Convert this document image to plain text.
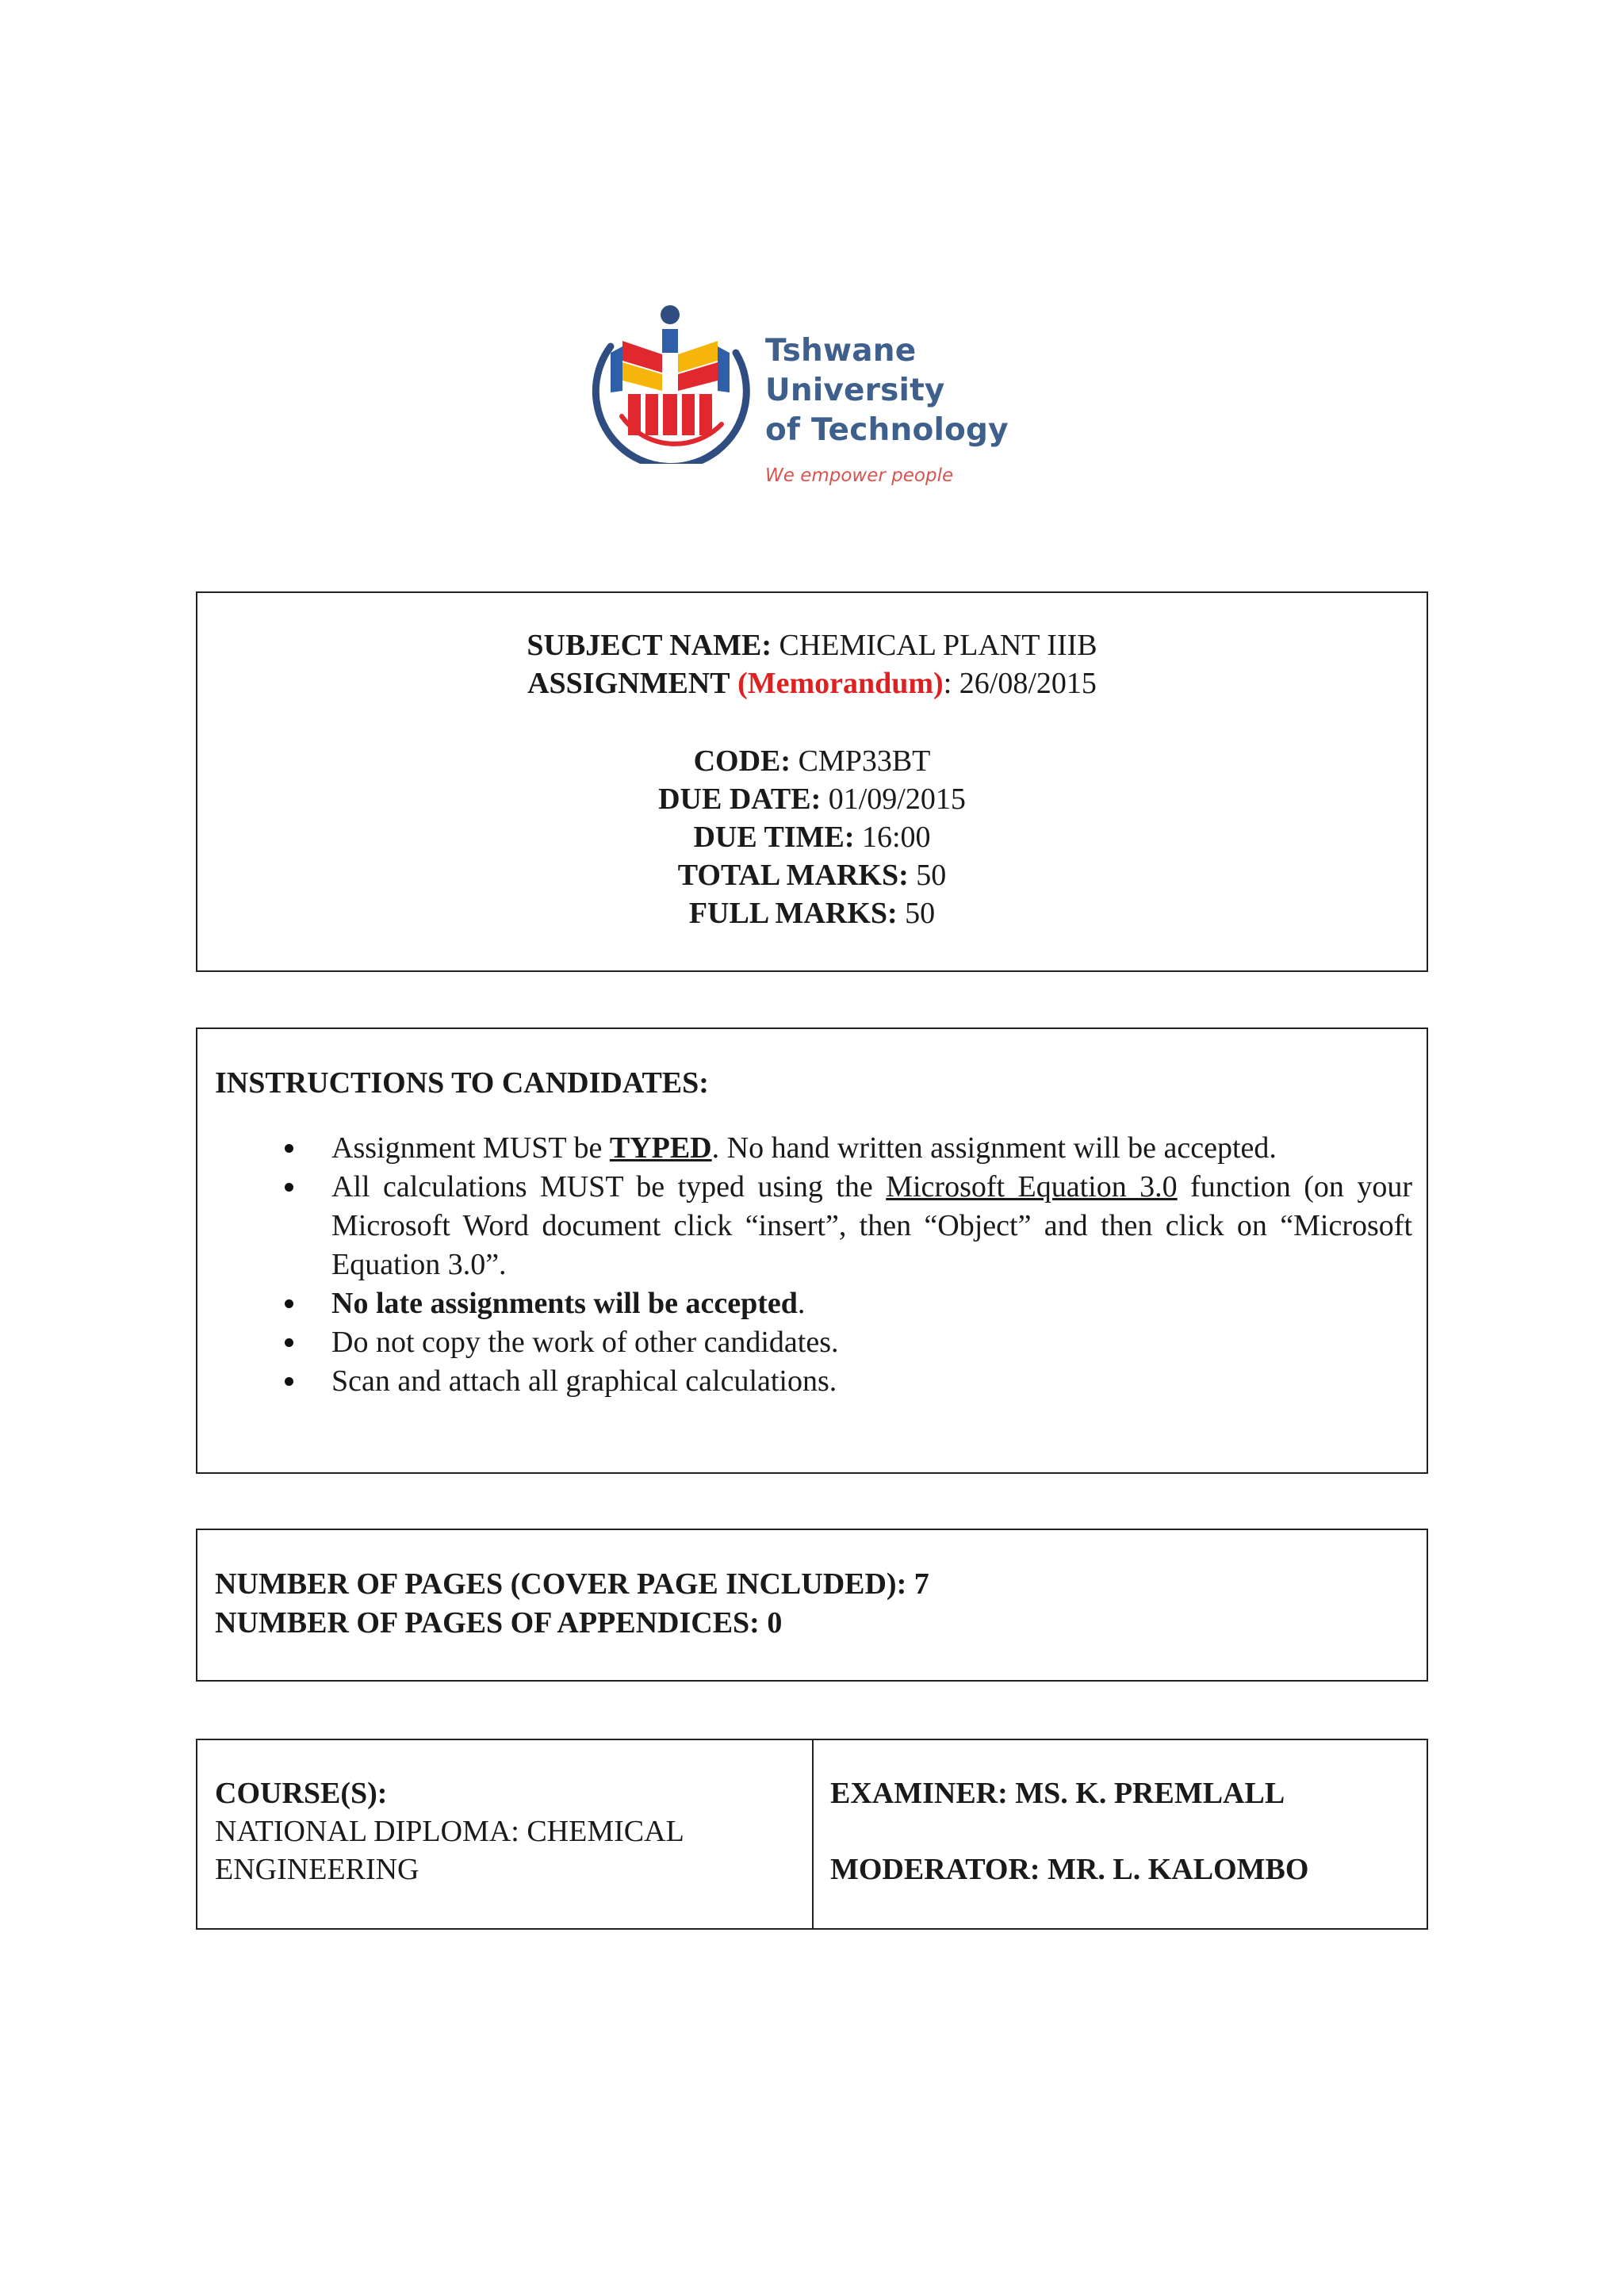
Tshwane University
of Technology
We empower people
SUBJECT NAME: CHEMICAL PLANT IIIB
ASSIGNMENT (Memorandum): 26/08/2015
CODE: CMP33BT
DUE DATE: 01/09/2015
DUE TIME: 16:00
TOTAL MARKS: 50
FULL MARKS: 50
INSTRUCTIONS TO CANDIDATES:
Assignment MUST be TYPED. No hand written assignment will be accepted.
All calculations MUST be typed using the Microsoft Equation 3.0 function (on your Microsoft Word document click “insert”, then “Object” and then click on “Microsoft Equation 3.0”.
No late assignments will be accepted.
Do not copy the work of other candidates.
Scan and attach all graphical calculations.
NUMBER OF PAGES (COVER PAGE INCLUDED): 7
NUMBER OF PAGES OF APPENDICES: 0
COURSE(S):
NATIONAL DIPLOMA: CHEMICAL
ENGINEERING
EXAMINER: MS. K. PREMLALL
MODERATOR: MR. L. KALOMBO
